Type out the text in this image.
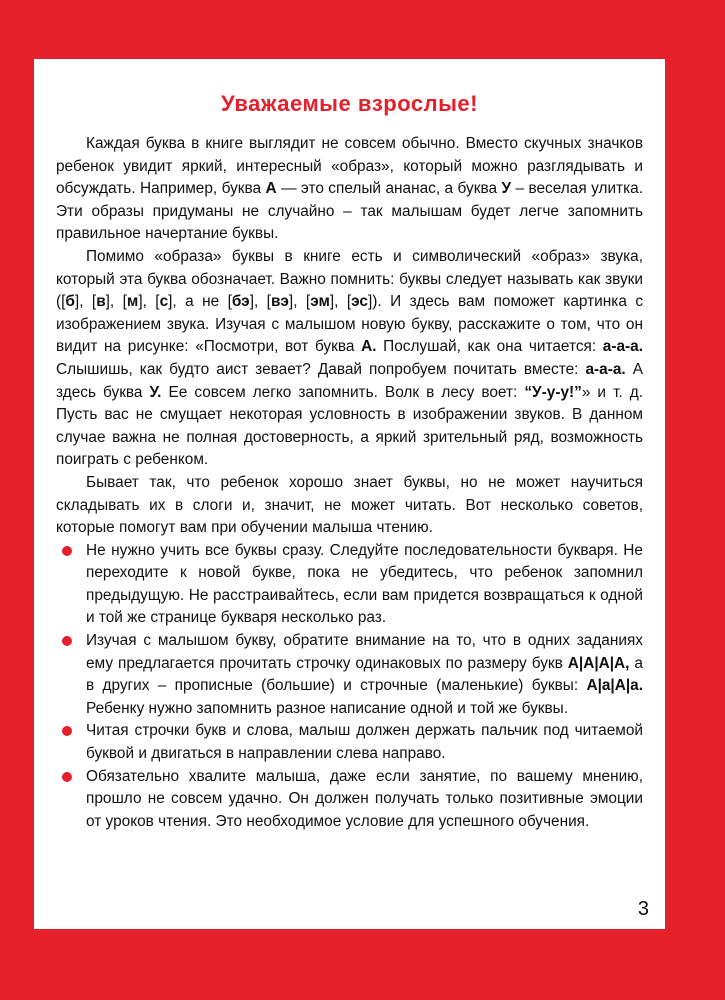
Уважаемые взрослые!

Каждая буква в книге выглядит не совсем обычно. Вместо скучных значков ребенок увидит яркий, интересный «образ», который можно разглядывать и обсуждать. Например, буква А — это спелый ананас, а буква У – веселая улитка. Эти образы придуманы не случайно – так малышам будет легче запомнить правильное начертание буквы.

Помимо «образа» буквы в книге есть и символический «образ» звука, который эта буква обозначает. Важно помнить: буквы следует называть как звуки ([б], [в], [м], [с], а не [бэ], [вэ], [эм], [эс]). И здесь вам поможет картинка с изображением звука. Изучая с малышом новую букву, расскажите о том, что он видит на рисунке: «Посмотри, вот буква А. Послушай, как она читается: а-а-а. Слышишь, как будто аист зевает? Давай попробуем почитать вместе: а-а-а. А здесь буква У. Ее совсем легко запомнить. Волк в лесу воет: “У-у-у!”» и т. д. Пусть вас не смущает некоторая условность в изображении звуков. В данном случае важна не полная достоверность, а яркий зрительный ряд, возможность поиграть с ребенком.

Бывает так, что ребенок хорошо знает буквы, но не может научиться складывать их в слоги и, значит, не может читать. Вот несколько советов, которые помогут вам при обучении малыша чтению.

Не нужно учить все буквы сразу. Следуйте последовательности букваря. Не переходите к новой букве, пока не убедитесь, что ребенок запомнил предыдущую. Не расстраивайтесь, если вам придется возвращаться к одной и той же странице букваря несколько раз.
Изучая с малышом букву, обратите внимание на то, что в одних заданиях ему предлагается прочитать строчку одинаковых по размеру букв А|А|А|А, а в других – прописные (большие) и строчные (маленькие) буквы: А|а|А|а. Ребенку нужно запомнить разное написание одной и той же буквы.
Читая строчки букв и слова, малыш должен держать пальчик под читаемой буквой и двигаться в направлении слева направо.
Обязательно хвалите малыша, даже если занятие, по вашему мнению, прошло не совсем удачно. Он должен получать только позитивные эмоции от уроков чтения. Это необходимое условие для успешного обучения.
3
